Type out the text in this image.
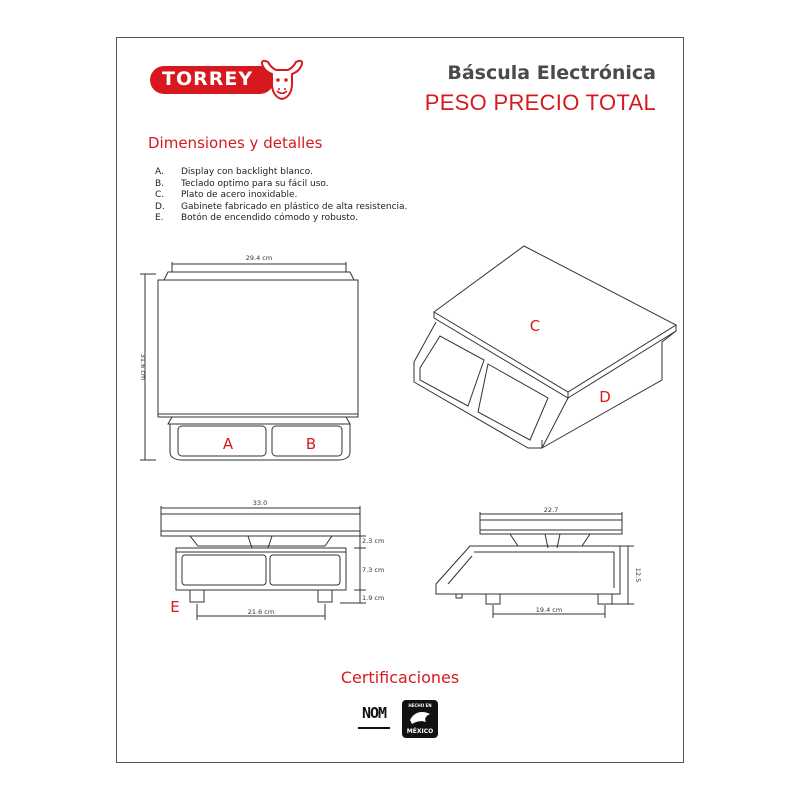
TORREY	Báscula Electrónica
PESO PRECIO TOTAL
Dimensiones y detalles
A.	Display con backlight blanco.
B.	Teclado optimo para su fácil uso.
C.	Plato de acero inoxidable.
D.	Gabinete fabricado en plástico de alta resistencia.
E.	Botón de encendido cómodo y robusto.
29.4 cm
31.6 cm
A	B
C
D
33.0
2.3 cm
7.3 cm
1.9 cm
21.6 cm
E
22.7
12.5
19.4 cm
Certificaciones
NOM	HECHO EN
MÉXICO
